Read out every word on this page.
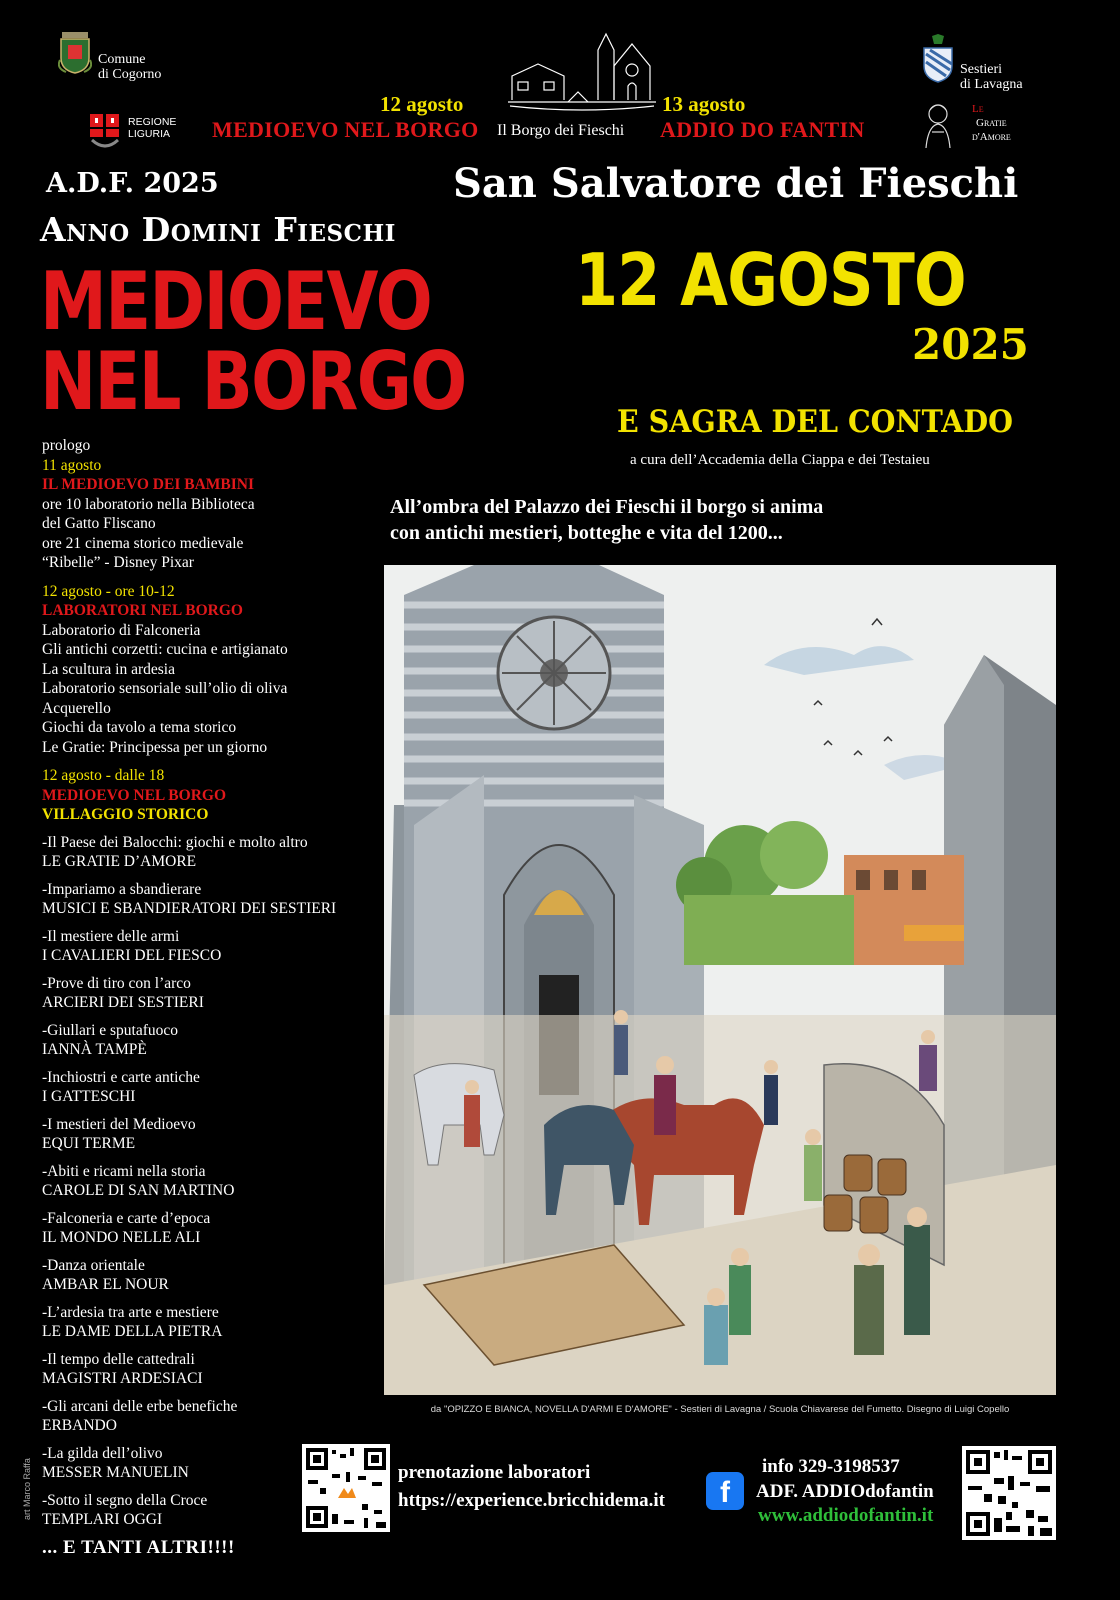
Comune
di Cogorno
REGIONE
LIGURIA
12 agosto
MEDIOEVO NEL BORGO Il Borgo dei Fieschi
13 agosto
ADDIO DO FANTIN
Sestieri
di Lavagna
Le
Gratie
d'Amore
A.D.F. 2025
Anno Domini Fieschi
San Salvatore dei Fieschi
MEDIOEVO
NEL BORGO
12 AGOSTO
2025
E SAGRA DEL CONTADO
a cura dell’Accademia della Ciappa e dei Testaieu
All’ombra del Palazzo dei Fieschi il borgo si anima
con antichi mestieri, botteghe e vita del 1200...
prologo
11 agosto
IL MEDIOEVO DEI BAMBINI
ore 10 laboratorio nella Biblioteca
del Gatto Fliscano
ore 21 cinema storico medievale
“Ribelle” - Disney Pixar
12 agosto - ore 10-12
LABORATORI NEL BORGO
Laboratorio di Falconeria
Gli antichi corzetti: cucina e artigianato
La scultura in ardesia
Laboratorio sensoriale sull’olio di oliva
Acquerello
Giochi da tavolo a tema storico
Le Gratie: Principessa per un giorno
12 agosto - dalle 18
MEDIOEVO NEL BORGO
VILLAGGIO STORICO
-Il Paese dei Balocchi: giochi e molto altro
LE GRATIE D’AMORE
-Impariamo a sbandierare
MUSICI E SBANDIERATORI DEI SESTIERI
-Il mestiere delle armi
I CAVALIERI DEL FIESCO
-Prove di tiro con l’arco
ARCIERI DEI SESTIERI
-Giullari e sputafuoco
IANNÀ TAMPÈ
-Inchiostri e carte antiche
I GATTESCHI
-I mestieri del Medioevo
EQUI TERME
-Abiti e ricami nella storia
CAROLE DI SAN MARTINO
-Falconeria e carte d’epoca
IL MONDO NELLE ALI
-Danza orientale
AMBAR EL NOUR
-L’ardesia tra arte e mestiere
LE DAME DELLA PIETRA
-Il tempo delle cattedrali
MAGISTRI ARDESIACI
-Gli arcani delle erbe benefiche
ERBANDO
-La gilda dell’olivo
MESSER MANUELIN
-Sotto il segno della Croce
TEMPLARI OGGI
... E TANTI ALTRI!!!!
da "OPIZZO E BIANCA, NOVELLA D'ARMI E D'AMORE" - Sestieri di Lavagna / Scuola Chiavarese del Fumetto. Disegno di Luigi Copello
prenotazione laboratori
https://experience.bricchidema.it	f
info 329-3198537
ADF. ADDIOdofantin
www.addiodofantin.it
art Marco Raffa
